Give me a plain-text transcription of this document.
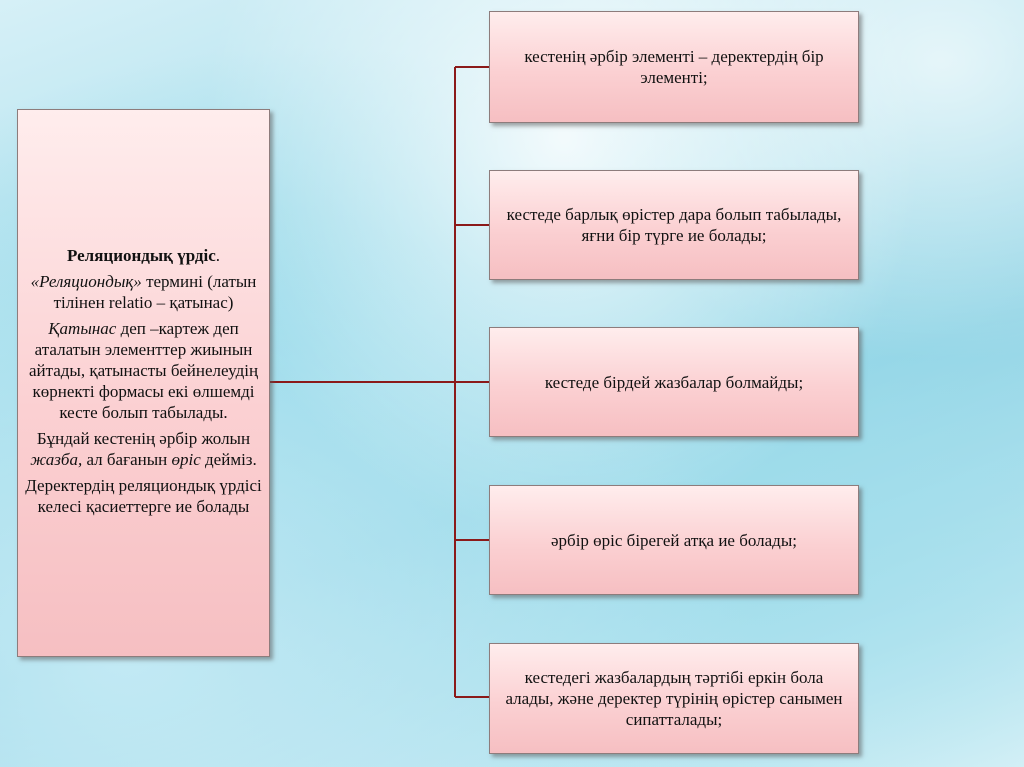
Реляциондық үрдіс.

«Реляциондық» термині (латын тілінен relatio – қатынас)

Қатынас деп –картеж деп аталатын элементтер жиынын айтады, қатынасты бейнелеудің көрнекті формасы екі өлшемді кесте болып табылады.

Бұндай кестенің әрбір жолын жазба, ал бағанын өріс дейміз.

Деректердің реляциондық үрдісі келесі қасиеттерге ие болады

кестенің әрбір элементі – деректердің бір элементі;
кестеде барлық өрістер дара болып табылады, яғни бір түрге ие болады;
кестеде бірдей жазбалар болмайды;
әрбір өріс бірегей атқа ие болады;
кестедегі жазбалардың тәртібі еркін бола алады, және деректер түрінің өрістер санымен сипатталады;
